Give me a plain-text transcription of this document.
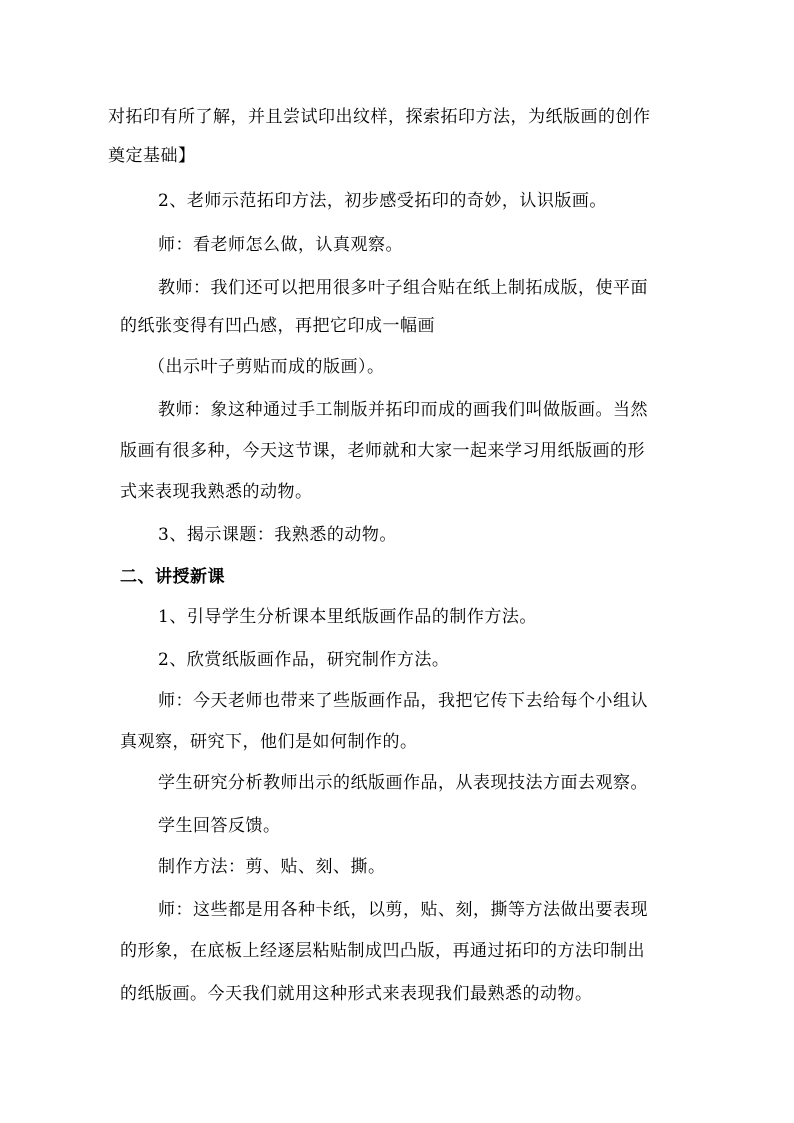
对拓印有所了解，并且尝试印出纹样，探索拓印方法，为纸版画的创作
奠定基础】
2、老师示范拓印方法，初步感受拓印的奇妙，认识版画。
师：看老师怎么做，认真观察。
教师：我们还可以把用很多叶子组合贴在纸上制拓成版，使平面
的纸张变得有凹凸感，再把它印成一幅画
（出示叶子剪贴而成的版画）。
教师：象这种通过手工制版并拓印而成的画我们叫做版画。当然
版画有很多种，今天这节课，老师就和大家一起来学习用纸版画的形
式来表现我熟悉的动物。
3、揭示课题：我熟悉的动物。
二、讲授新课
1、引导学生分析课本里纸版画作品的制作方法。
2、欣赏纸版画作品，研究制作方法。
师：今天老师也带来了些版画作品，我把它传下去给每个小组认
真观察，研究下，他们是如何制作的。
学生研究分析教师出示的纸版画作品，从表现技法方面去观察。
学生回答反馈。
制作方法：剪、贴、刻、撕。
师：这些都是用各种卡纸，以剪，贴、刻，撕等方法做出要表现
的形象，在底板上经逐层粘贴制成凹凸版，再通过拓印的方法印制出
的纸版画。今天我们就用这种形式来表现我们最熟悉的动物。
